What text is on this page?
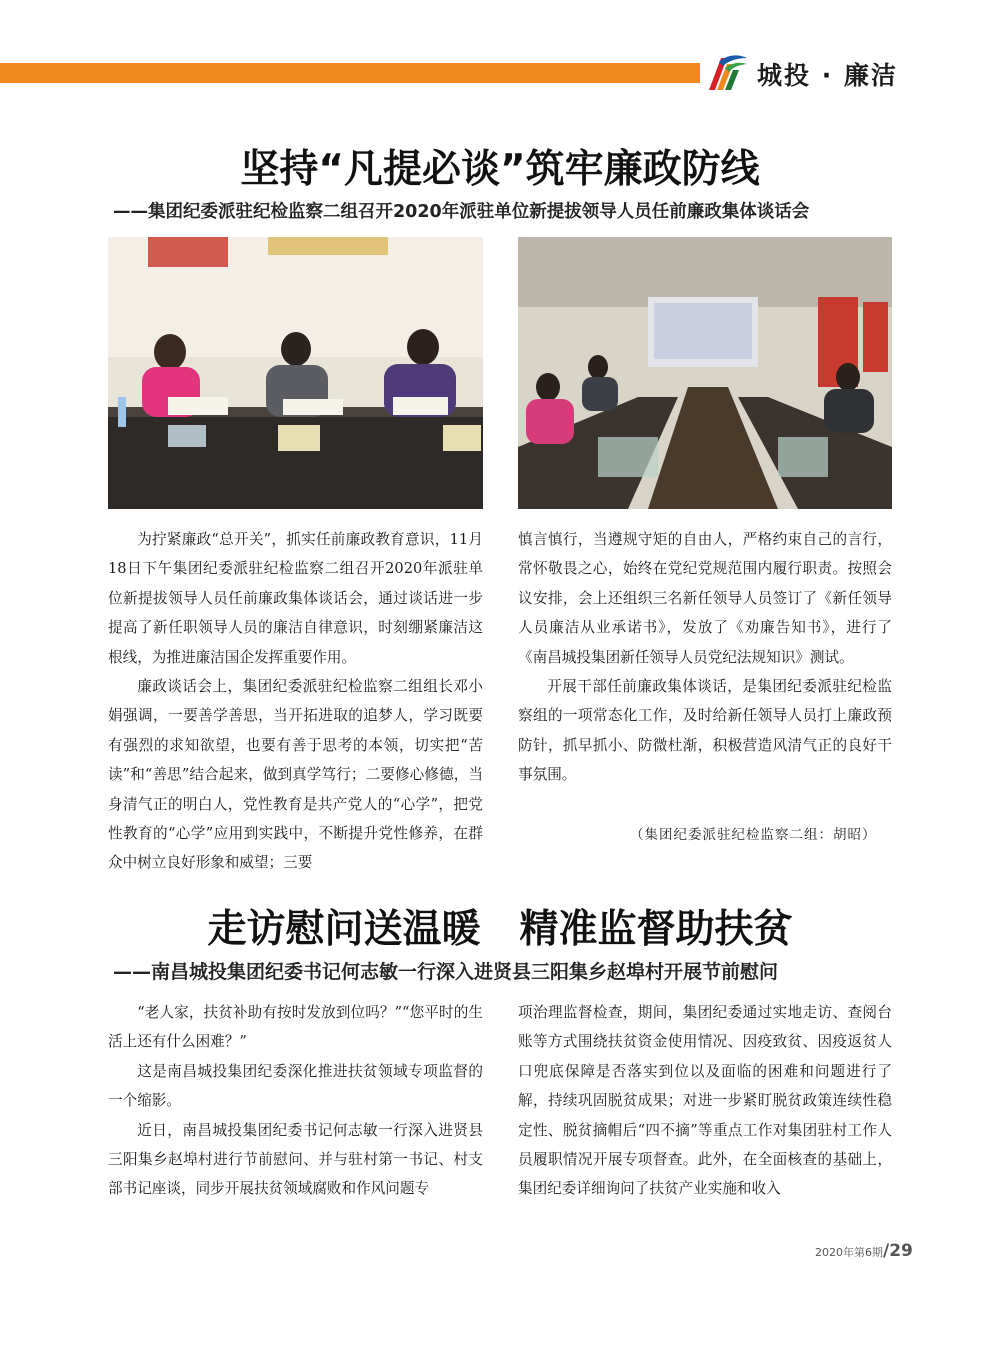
城投 · 廉洁
坚持“凡提必谈”筑牢廉政防线
——集团纪委派驻纪检监察二组召开2020年派驻单位新提拔领导人员任前廉政集体谈话会

为拧紧廉政“总开关”，抓实任前廉政教育意识，11月18日下午集团纪委派驻纪检监察二组召开2020年派驻单位新提拔领导人员任前廉政集体谈话会，通过谈话进一步提高了新任职领导人员的廉洁自律意识，时刻绷紧廉洁这根线，为推进廉洁国企发挥重要作用。

廉政谈话会上，集团纪委派驻纪检监察二组组长邓小娟强调，一要善学善思，当开拓进取的追梦人，学习既要有强烈的求知欲望，也要有善于思考的本领，切实把“苦读”和“善思”结合起来，做到真学笃行；二要修心修德，当身清气正的明白人，党性教育是共产党人的“心学”，把党性教育的“心学”应用到实践中，不断提升党性修养，在群众中树立良好形象和威望；三要

慎言慎行，当遵规守矩的自由人，严格约束自己的言行，常怀敬畏之心，始终在党纪党规范围内履行职责。按照会议安排，会上还组织三名新任领导人员签订了《新任领导人员廉洁从业承诺书》，发放了《劝廉告知书》，进行了《南昌城投集团新任领导人员党纪法规知识》测试。

开展干部任前廉政集体谈话，是集团纪委派驻纪检监察组的一项常态化工作，及时给新任领导人员打上廉政预防针，抓早抓小、防微杜渐，积极营造风清气正的良好干事氛围。

（集团纪委派驻纪检监察二组：胡昭）
走访慰问送温暖　精准监督助扶贫
——南昌城投集团纪委书记何志敏一行深入进贤县三阳集乡赵埠村开展节前慰问

“老人家，扶贫补助有按时发放到位吗？”“您平时的生活上还有什么困难？”

这是南昌城投集团纪委深化推进扶贫领域专项监督的一个缩影。

近日，南昌城投集团纪委书记何志敏一行深入进贤县三阳集乡赵埠村进行节前慰问、并与驻村第一书记、村支部书记座谈，同步开展扶贫领域腐败和作风问题专

项治理监督检查，期间，集团纪委通过实地走访、查阅台账等方式围绕扶贫资金使用情况、因疫致贫、因疫返贫人口兜底保障是否落实到位以及面临的困难和问题进行了解，持续巩固脱贫成果；对进一步紧盯脱贫政策连续性稳定性、脱贫摘帽后“四不摘”等重点工作对集团驻村工作人员履职情况开展专项督查。此外，在全面核查的基础上，集团纪委详细询问了扶贫产业实施和收入

2020年第6期/29
